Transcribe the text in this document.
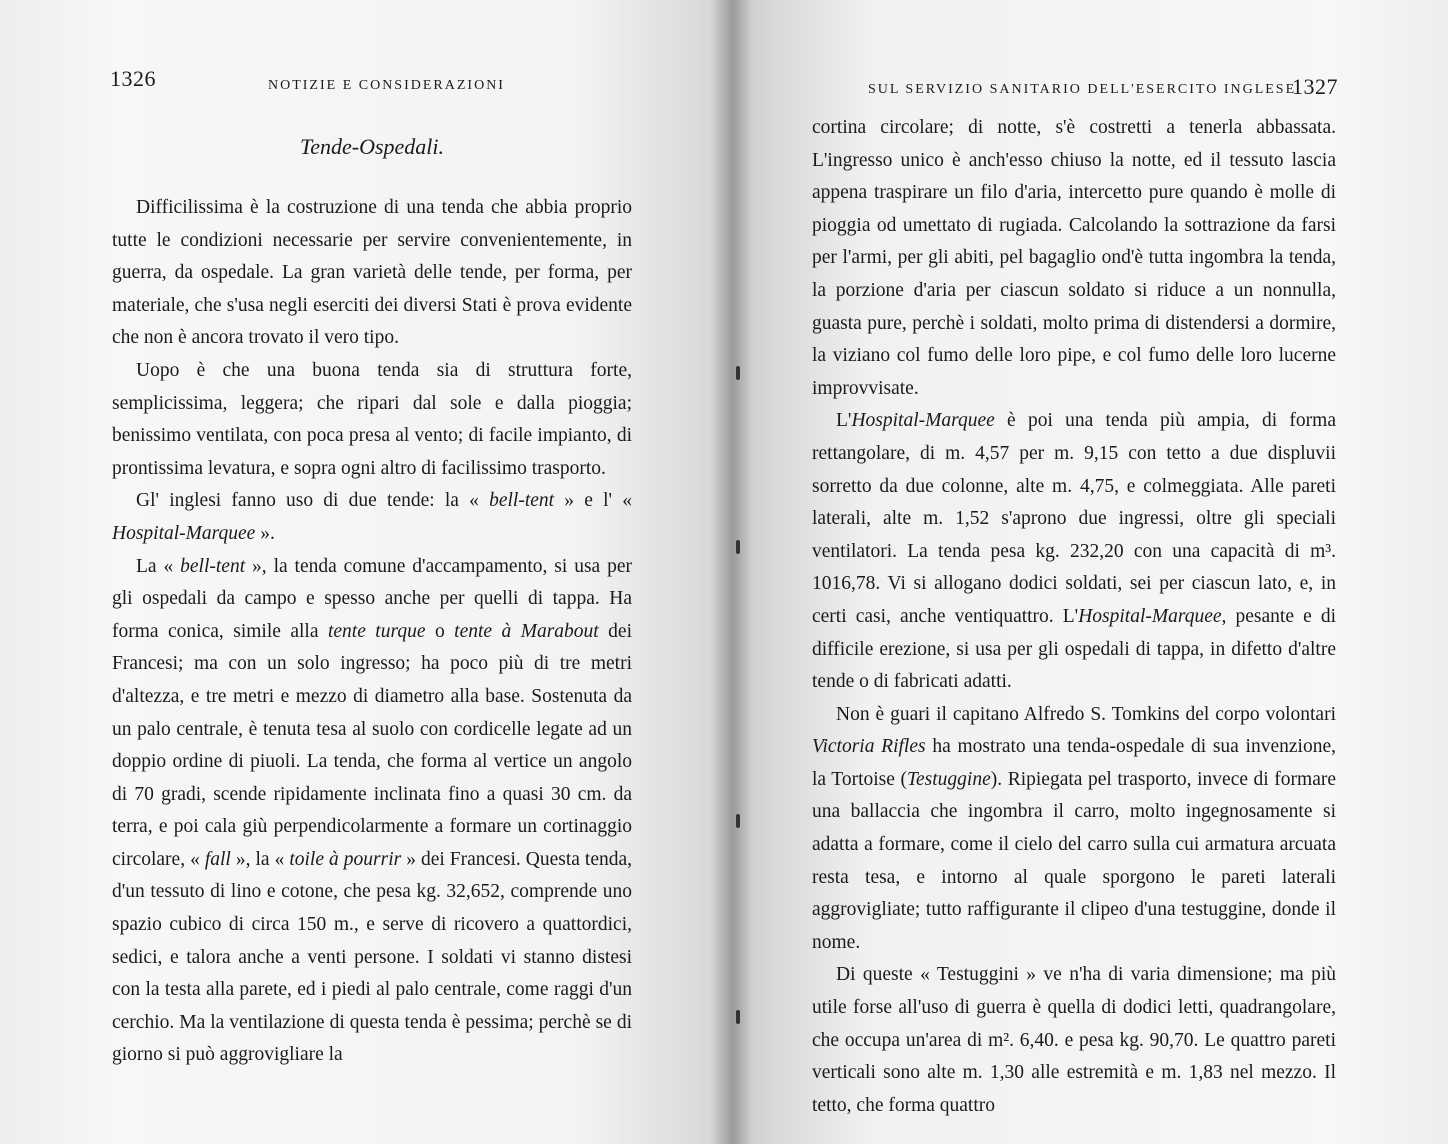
1326	NOTIZIE E CONSIDERAZIONI
Tende-Ospedali.

Difficilissima è la costruzione di una tenda che abbia proprio tutte le condizioni necessarie per servire convenientemente, in guerra, da ospedale. La gran varietà delle tende, per forma, per materiale, che s'usa negli eserciti dei diversi Stati è prova evidente che non è ancora trovato il vero tipo.

Uopo è che una buona tenda sia di struttura forte, semplicissima, leggera; che ripari dal sole e dalla pioggia; benissimo ventilata, con poca presa al vento; di facile impianto, di prontissima levatura, e sopra ogni altro di facilissimo trasporto.

Gl' inglesi fanno uso di due tende: la « bell-tent » e l' « Hospital-Marquee ».

La « bell-tent », la tenda comune d'accampamento, si usa per gli ospedali da campo e spesso anche per quelli di tappa. Ha forma conica, simile alla tente turque o tente à Marabout dei Francesi; ma con un solo ingresso; ha poco più di tre metri d'altezza, e tre metri e mezzo di diametro alla base. Sostenuta da un palo centrale, è tenuta tesa al suolo con cordicelle legate ad un doppio ordine di piuoli. La tenda, che forma al vertice un angolo di 70 gradi, scende ripidamente inclinata fino a quasi 30 cm. da terra, e poi cala giù perpendicolarmente a formare un cortinaggio circolare, « fall », la « toile à pourrir » dei Francesi. Questa tenda, d'un tessuto di lino e cotone, che pesa kg. 32,652, comprende uno spazio cubico di circa 150 m., e serve di ricovero a quattordici, sedici, e talora anche a venti persone. I soldati vi stanno distesi con la testa alla parete, ed i piedi al palo centrale, come raggi d'un cerchio. Ma la ventilazione di questa tenda è pessima; perchè se di giorno si può aggrovigliare la

SUL SERVIZIO SANITARIO DELL'ESERCITO INGLESE
1327

cortina circolare; di notte, s'è costretti a tenerla abbassata. L'ingresso unico è anch'esso chiuso la notte, ed il tessuto lascia appena traspirare un filo d'aria, intercetto pure quando è molle di pioggia od umettato di rugiada. Calcolando la sottrazione da farsi per l'armi, per gli abiti, pel bagaglio ond'è tutta ingombra la tenda, la porzione d'aria per ciascun soldato si riduce a un nonnulla, guasta pure, perchè i soldati, molto prima di distendersi a dormire, la viziano col fumo delle loro pipe, e col fumo delle loro lucerne improvvisate.

L'Hospital-Marquee è poi una tenda più ampia, di forma rettangolare, di m. 4,57 per m. 9,15 con tetto a due displuvii sorretto da due colonne, alte m. 4,75, e colmeggiata. Alle pareti laterali, alte m. 1,52 s'aprono due ingressi, oltre gli speciali ventilatori. La tenda pesa kg. 232,20 con una capacità di m³. 1016,78. Vi si allogano dodici soldati, sei per ciascun lato, e, in certi casi, anche ventiquattro. L'Hospital-Marquee, pesante e di difficile erezione, si usa per gli ospedali di tappa, in difetto d'altre tende o di fabricati adatti.

Non è guari il capitano Alfredo S. Tomkins del corpo volontari Victoria Rifles ha mostrato una tenda-ospedale di sua invenzione, la Tortoise (Testuggine). Ripiegata pel trasporto, invece di formare una ballaccia che ingombra il carro, molto ingegnosamente si adatta a formare, come il cielo del carro sulla cui armatura arcuata resta tesa, e intorno al quale sporgono le pareti laterali aggrovigliate; tutto raffigurante il clipeo d'una testuggine, donde il nome.

Di queste « Testuggini » ve n'ha di varia dimensione; ma più utile forse all'uso di guerra è quella di dodici letti, quadrangolare, che occupa un'area di m². 6,40. e pesa kg. 90,70. Le quattro pareti verticali sono alte m. 1,30 alle estremità e m. 1,83 nel mezzo. Il tetto, che forma quattro
